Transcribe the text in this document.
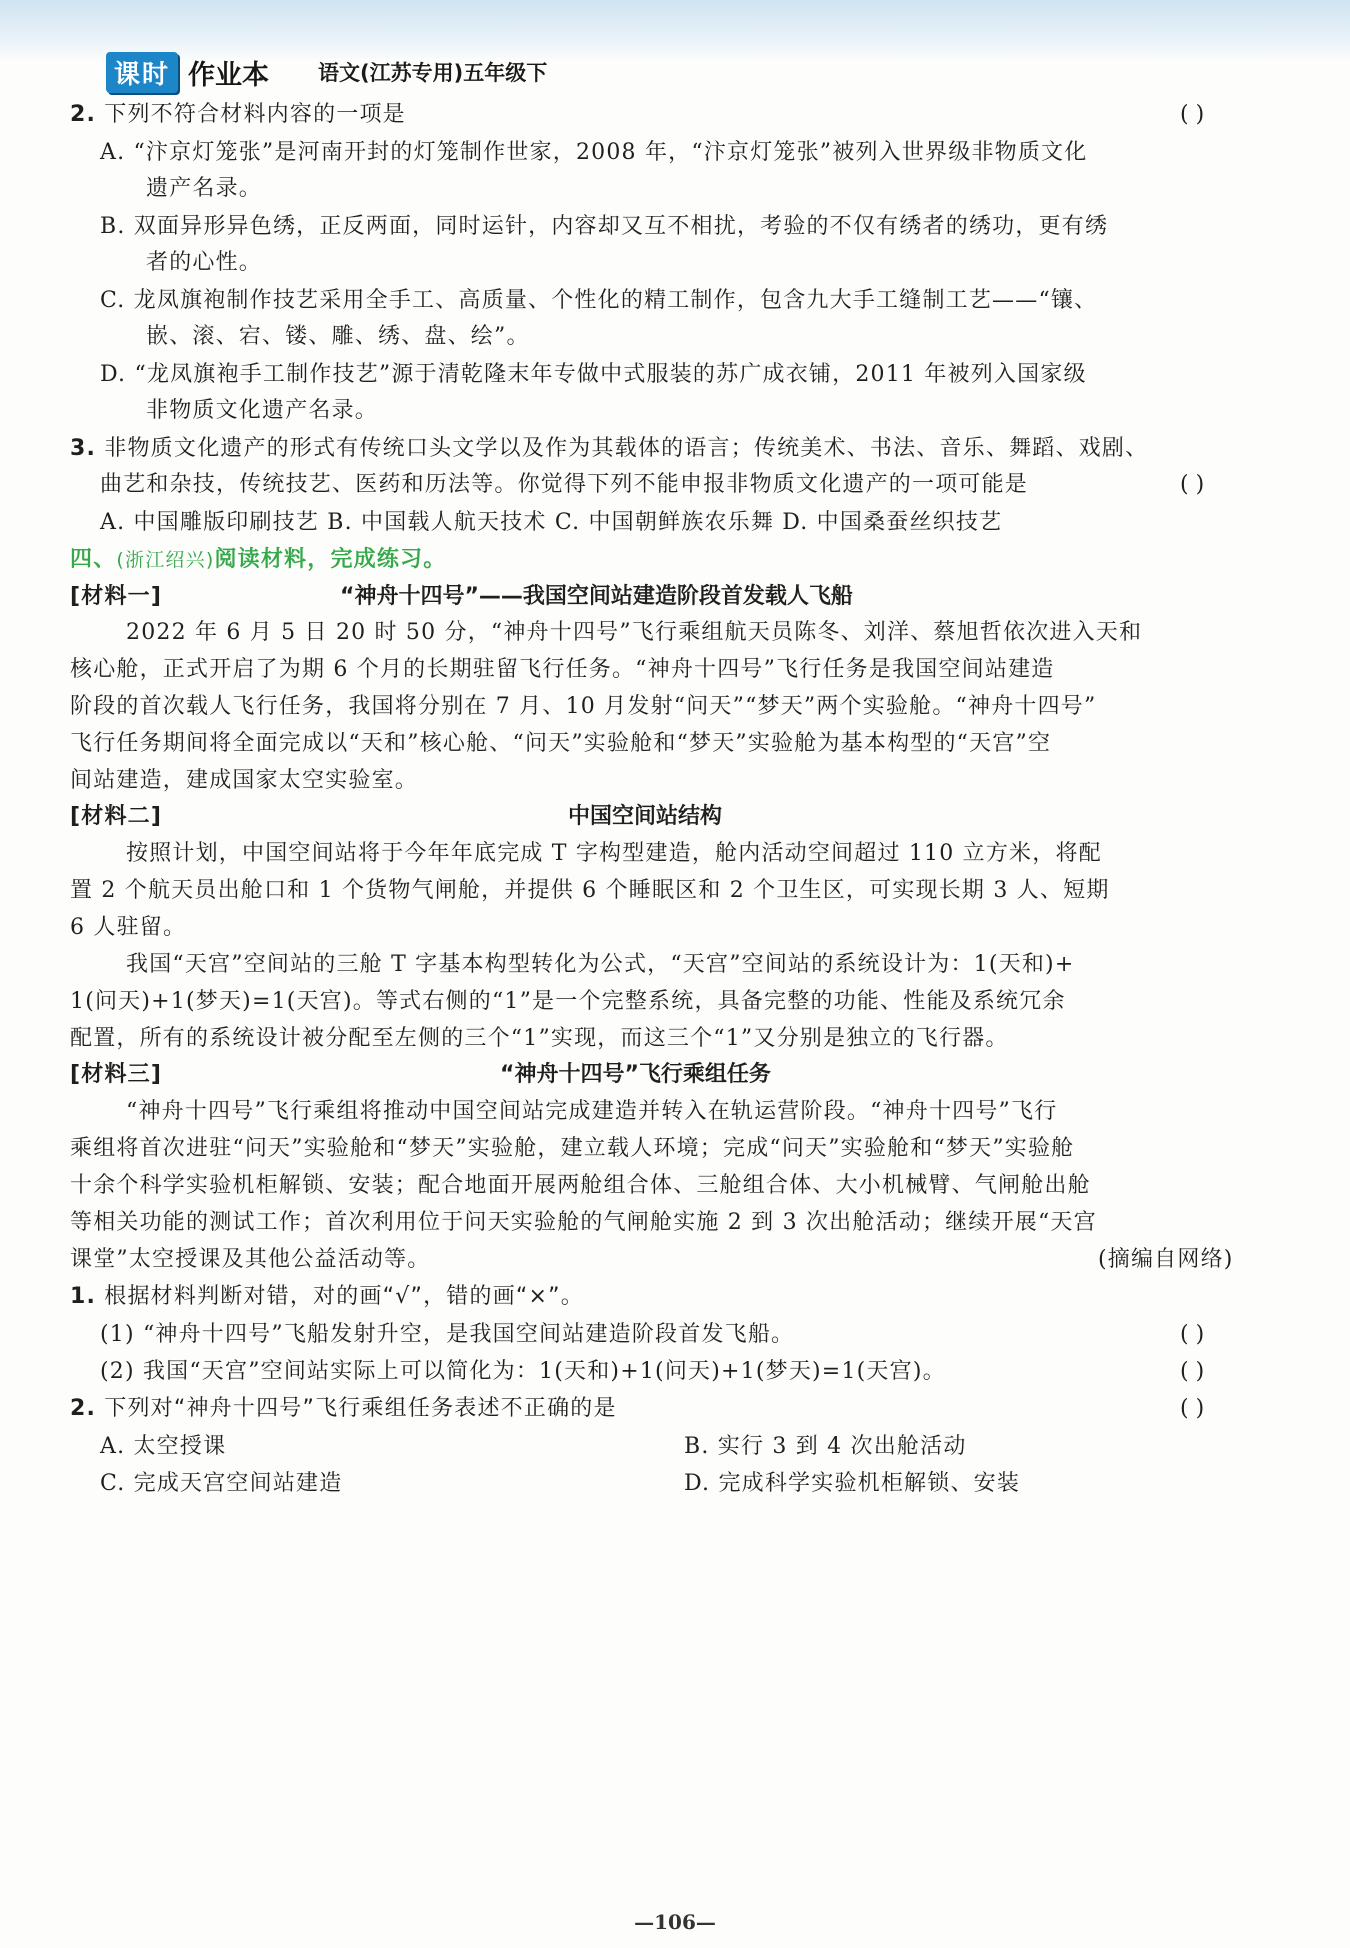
课时 作业本 语文(江苏专用)五年级下
2. 下列不符合材料内容的一项是	( )
A. “汴京灯笼张”是河南开封的灯笼制作世家，2008 年，“汴京灯笼张”被列入世界级非物质文化
遗产名录。
B. 双面异形异色绣，正反两面，同时运针，内容却又互不相扰，考验的不仅有绣者的绣功，更有绣
者的心性。
C. 龙凤旗袍制作技艺采用全手工、高质量、个性化的精工制作，包含九大手工缝制工艺——“镶、
嵌、滚、宕、镂、雕、绣、盘、绘”。
D. “龙凤旗袍手工制作技艺”源于清乾隆末年专做中式服装的苏广成衣铺，2011 年被列入国家级
非物质文化遗产名录。
3. 非物质文化遗产的形式有传统口头文学以及作为其载体的语言；传统美术、书法、音乐、舞蹈、戏剧、
曲艺和杂技，传统技艺、医药和历法等。你觉得下列不能申报非物质文化遗产的一项可能是	( )
A. 中国雕版印刷技艺 B. 中国载人航天技术 C. 中国朝鲜族农乐舞 D. 中国桑蚕丝织技艺
四、(浙江绍兴)阅读材料，完成练习。
[材料一]	“神舟十四号”——我国空间站建造阶段首发载人飞船
2022 年 6 月 5 日 20 时 50 分，“神舟十四号”飞行乘组航天员陈冬、刘洋、蔡旭哲依次进入天和
核心舱，正式开启了为期 6 个月的长期驻留飞行任务。“神舟十四号”飞行任务是我国空间站建造
阶段的首次载人飞行任务，我国将分别在 7 月、10 月发射“问天”“梦天”两个实验舱。“神舟十四号”
飞行任务期间将全面完成以“天和”核心舱、“问天”实验舱和“梦天”实验舱为基本构型的“天宫”空
间站建造，建成国家太空实验室。
[材料二]	中国空间站结构
按照计划，中国空间站将于今年年底完成 T 字构型建造，舱内活动空间超过 110 立方米，将配
置 2 个航天员出舱口和 1 个货物气闸舱，并提供 6 个睡眠区和 2 个卫生区，可实现长期 3 人、短期
6 人驻留。
我国“天宫”空间站的三舱 T 字基本构型转化为公式，“天宫”空间站的系统设计为：1(天和)+
1(问天)+1(梦天)=1(天宫)。等式右侧的“1”是一个完整系统，具备完整的功能、性能及系统冗余
配置，所有的系统设计被分配至左侧的三个“1”实现，而这三个“1”又分别是独立的飞行器。
[材料三]	“神舟十四号”飞行乘组任务
“神舟十四号”飞行乘组将推动中国空间站完成建造并转入在轨运营阶段。“神舟十四号”飞行
乘组将首次进驻“问天”实验舱和“梦天”实验舱，建立载人环境；完成“问天”实验舱和“梦天”实验舱
十余个科学实验机柜解锁、安装；配合地面开展两舱组合体、三舱组合体、大小机械臂、气闸舱出舱
等相关功能的测试工作；首次利用位于问天实验舱的气闸舱实施 2 到 3 次出舱活动；继续开展“天宫
课堂”太空授课及其他公益活动等。	(摘编自网络)
1. 根据材料判断对错，对的画“√”，错的画“×”。
(1) “神舟十四号”飞船发射升空，是我国空间站建造阶段首发飞船。	( )
(2) 我国“天宫”空间站实际上可以简化为：1(天和)+1(问天)+1(梦天)=1(天宫)。	( )
2. 下列对“神舟十四号”飞行乘组任务表述不正确的是	( )
A. 太空授课	B. 实行 3 到 4 次出舱活动
C. 完成天宫空间站建造	D. 完成科学实验机柜解锁、安装
—106—
